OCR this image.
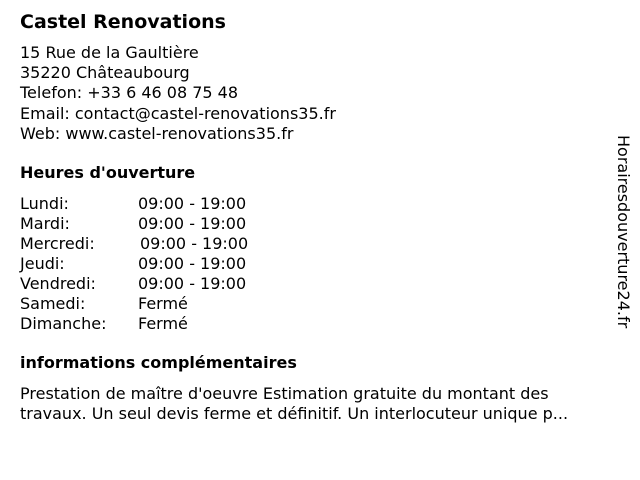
Castel Renovations
15 Rue de la Gaultière
35220 Châteaubourg
Telefon: +33 6 46 08 75 48
Email: contact@castel-renovations35.fr
Web: www.castel-renovations35.fr
Heures d'ouverture
Lundi:	09:00 - 19:00
Mardi:	09:00 - 19:00
Mercredi:	09:00 - 19:00
Jeudi:	09:00 - 19:00
Vendredi:	09:00 - 19:00
Samedi:	Fermé
Dimanche: Fermé
informations complémentaires
Prestation de maître d'oeuvre Estimation gratuite du montant des
travaux. Un seul devis ferme et définitif. Un interlocuteur unique p...
Horairesdouverture24.fr
